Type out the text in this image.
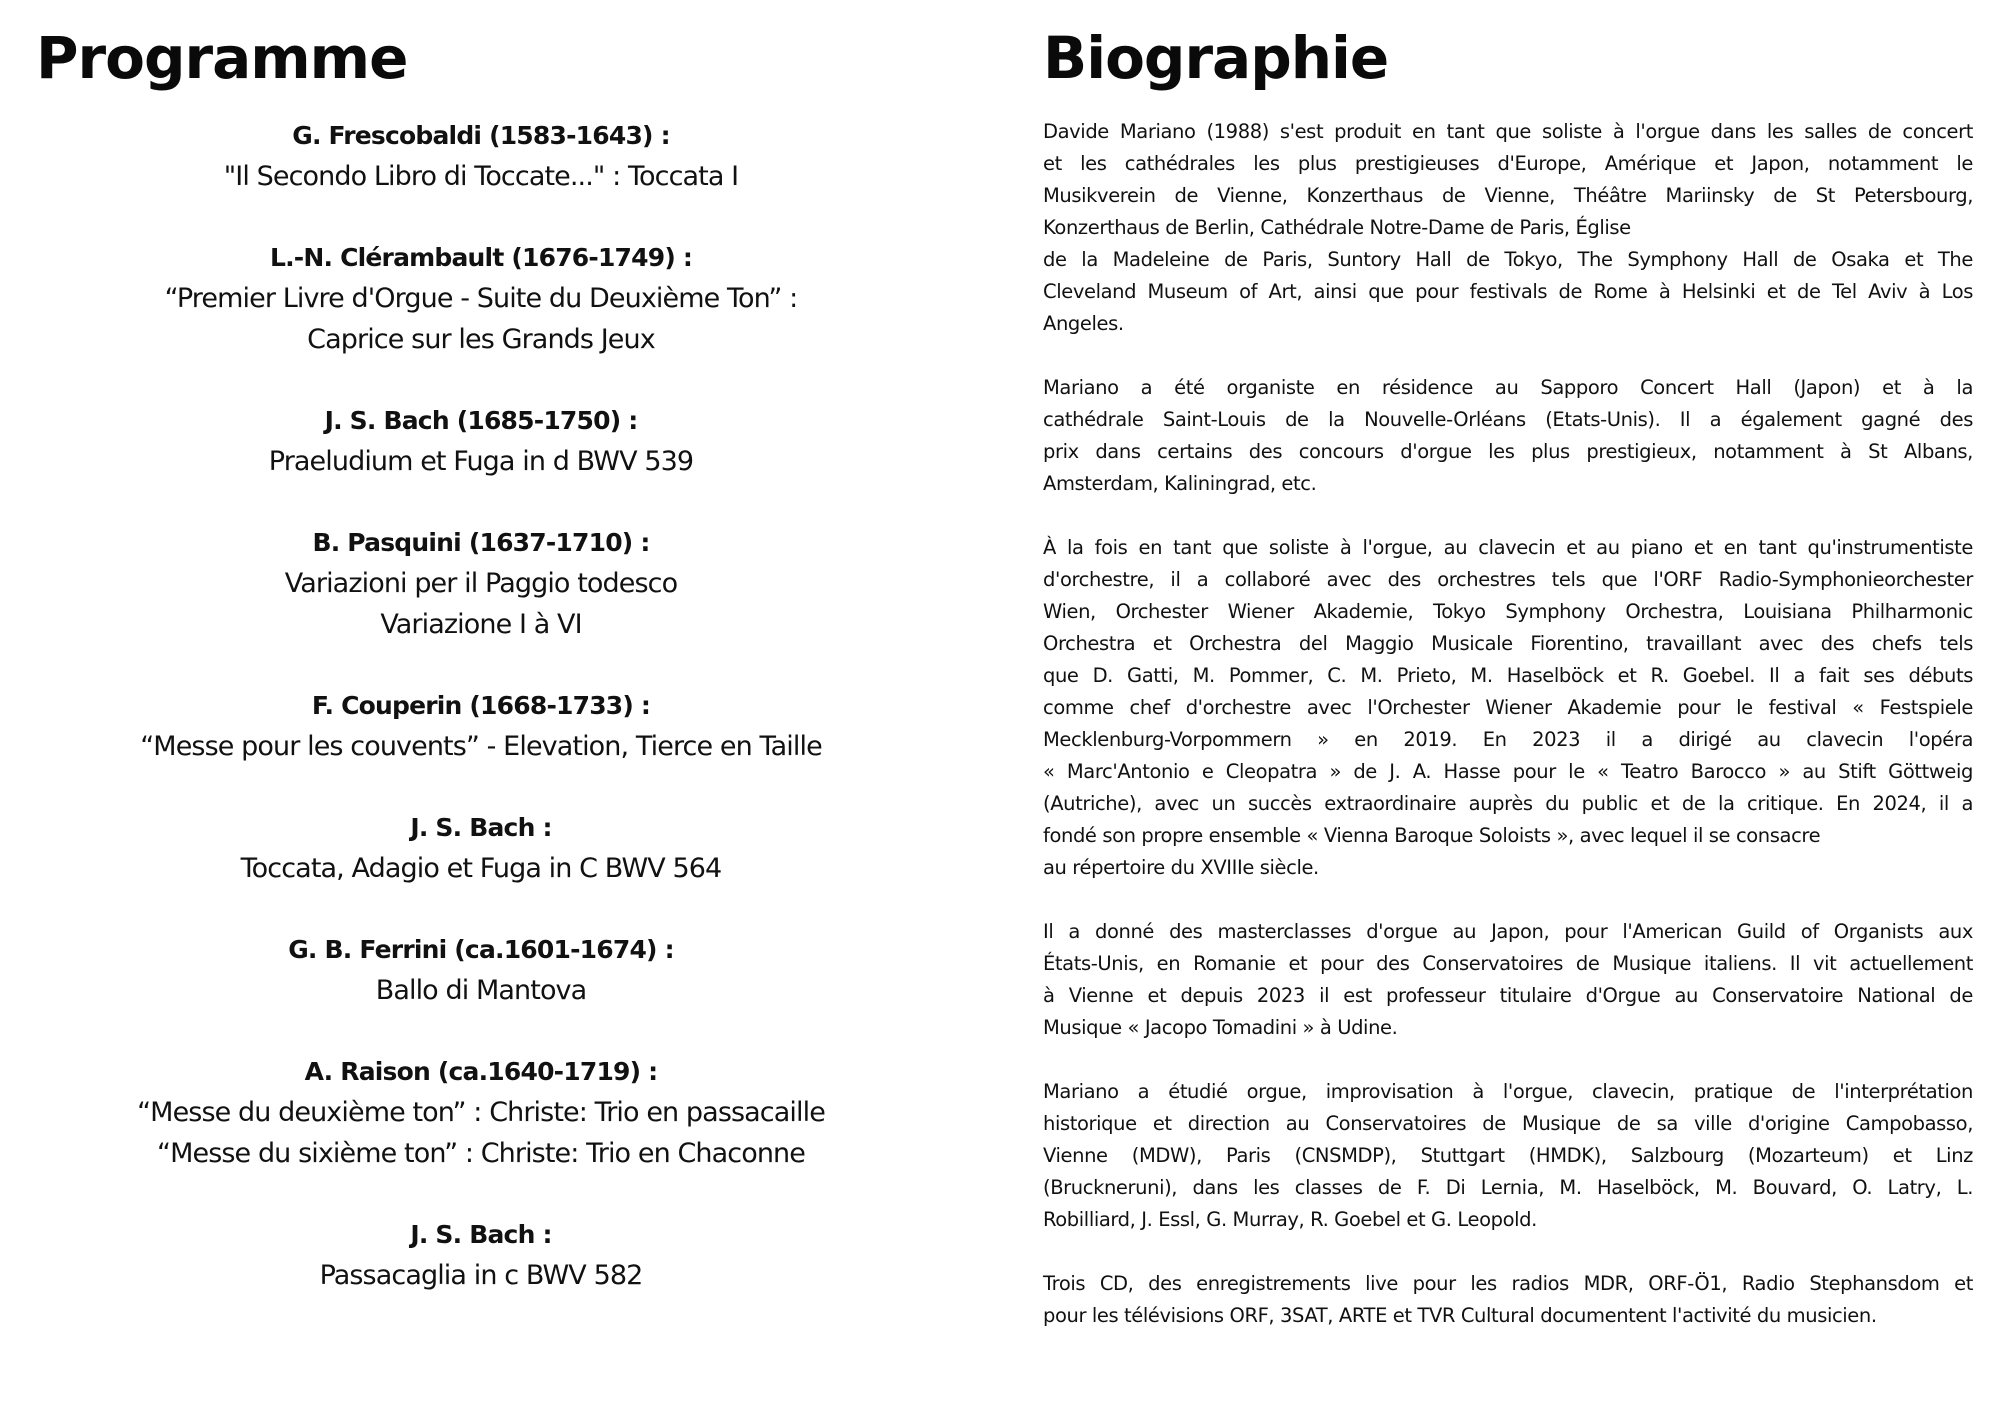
Programme
G. Frescobaldi (1583-1643) :
"Il Secondo Libro di Toccate..." : Toccata I
L.-N. Clérambault (1676-1749) :
“Premier Livre d'Orgue - Suite du Deuxième Ton” :
Caprice sur les Grands Jeux
J. S. Bach (1685-1750) :
Praeludium et Fuga in d BWV 539
B. Pasquini (1637-1710) :
Variazioni per il Paggio todesco
Variazione I à VI
F. Couperin (1668-1733) :
“Messe pour les couvents” - Elevation, Tierce en Taille
J. S. Bach :
Toccata, Adagio et Fuga in C BWV 564
G. B. Ferrini (ca.1601-1674) :
Ballo di Mantova
A. Raison (ca.1640-1719) :
“Messe du deuxième ton” : Christe: Trio en passacaille
“Messe du sixième ton” : Christe: Trio en Chaconne
J. S. Bach :
Passacaglia in c BWV 582
Biographie

Davide Mariano (1988) s'est produit en tant que soliste à l'orgue dans les salles de concert
et les cathédrales les plus prestigieuses d'Europe, Amérique et Japon, notamment le
Musikverein de Vienne, Konzerthaus de Vienne, Théâtre Mariinsky de St Petersbourg,
Konzerthaus de Berlin, Cathédrale Notre-Dame de Paris, Église
de la Madeleine de Paris, Suntory Hall de Tokyo, The Symphony Hall de Osaka et The
Cleveland Museum of Art, ainsi que pour festivals de Rome à Helsinki et de Tel Aviv à Los
Angeles.

Mariano a été organiste en résidence au Sapporo Concert Hall (Japon) et à la
cathédrale Saint-Louis de la Nouvelle-Orléans (Etats-Unis). Il a également gagné des
prix dans certains des concours d'orgue les plus prestigieux, notamment à St Albans,
Amsterdam, Kaliningrad, etc.

À la fois en tant que soliste à l'orgue, au clavecin et au piano et en tant qu'instrumentiste
d'orchestre, il a collaboré avec des orchestres tels que l'ORF Radio-Symphonieorchester
Wien, Orchester Wiener Akademie, Tokyo Symphony Orchestra, Louisiana Philharmonic
Orchestra et Orchestra del Maggio Musicale Fiorentino, travaillant avec des chefs tels
que D. Gatti, M. Pommer, C. M. Prieto, M. Haselböck et R. Goebel. Il a fait ses débuts
comme chef d'orchestre avec l'Orchester Wiener Akademie pour le festival « Festspiele
Mecklenburg-Vorpommern » en 2019. En 2023 il a dirigé au clavecin l'opéra
« Marc'Antonio e Cleopatra » de J. A. Hasse pour le « Teatro Barocco » au Stift Göttweig
(Autriche), avec un succès extraordinaire auprès du public et de la critique. En 2024, il a
fondé son propre ensemble « Vienna Baroque Soloists », avec lequel il se consacre
au répertoire du XVIIIe siècle.

Il a donné des masterclasses d'orgue au Japon, pour l'American Guild of Organists aux
États-Unis, en Romanie et pour des Conservatoires de Musique italiens. Il vit actuellement
à Vienne et depuis 2023 il est professeur titulaire d'Orgue au Conservatoire National de
Musique « Jacopo Tomadini » à Udine.

Mariano a étudié orgue, improvisation à l'orgue, clavecin, pratique de l'interprétation
historique et direction au Conservatoires de Musique de sa ville d'origine Campobasso,
Vienne (MDW), Paris (CNSMDP), Stuttgart (HMDK), Salzbourg (Mozarteum) et Linz
(Bruckneruni), dans les classes de F. Di Lernia, M. Haselböck, M. Bouvard, O. Latry, L.
Robilliard, J. Essl, G. Murray, R. Goebel et G. Leopold.

Trois CD, des enregistrements live pour les radios MDR, ORF-Ö1, Radio Stephansdom et
pour les télévisions ORF, 3SAT, ARTE et TVR Cultural documentent l'activité du musicien.
